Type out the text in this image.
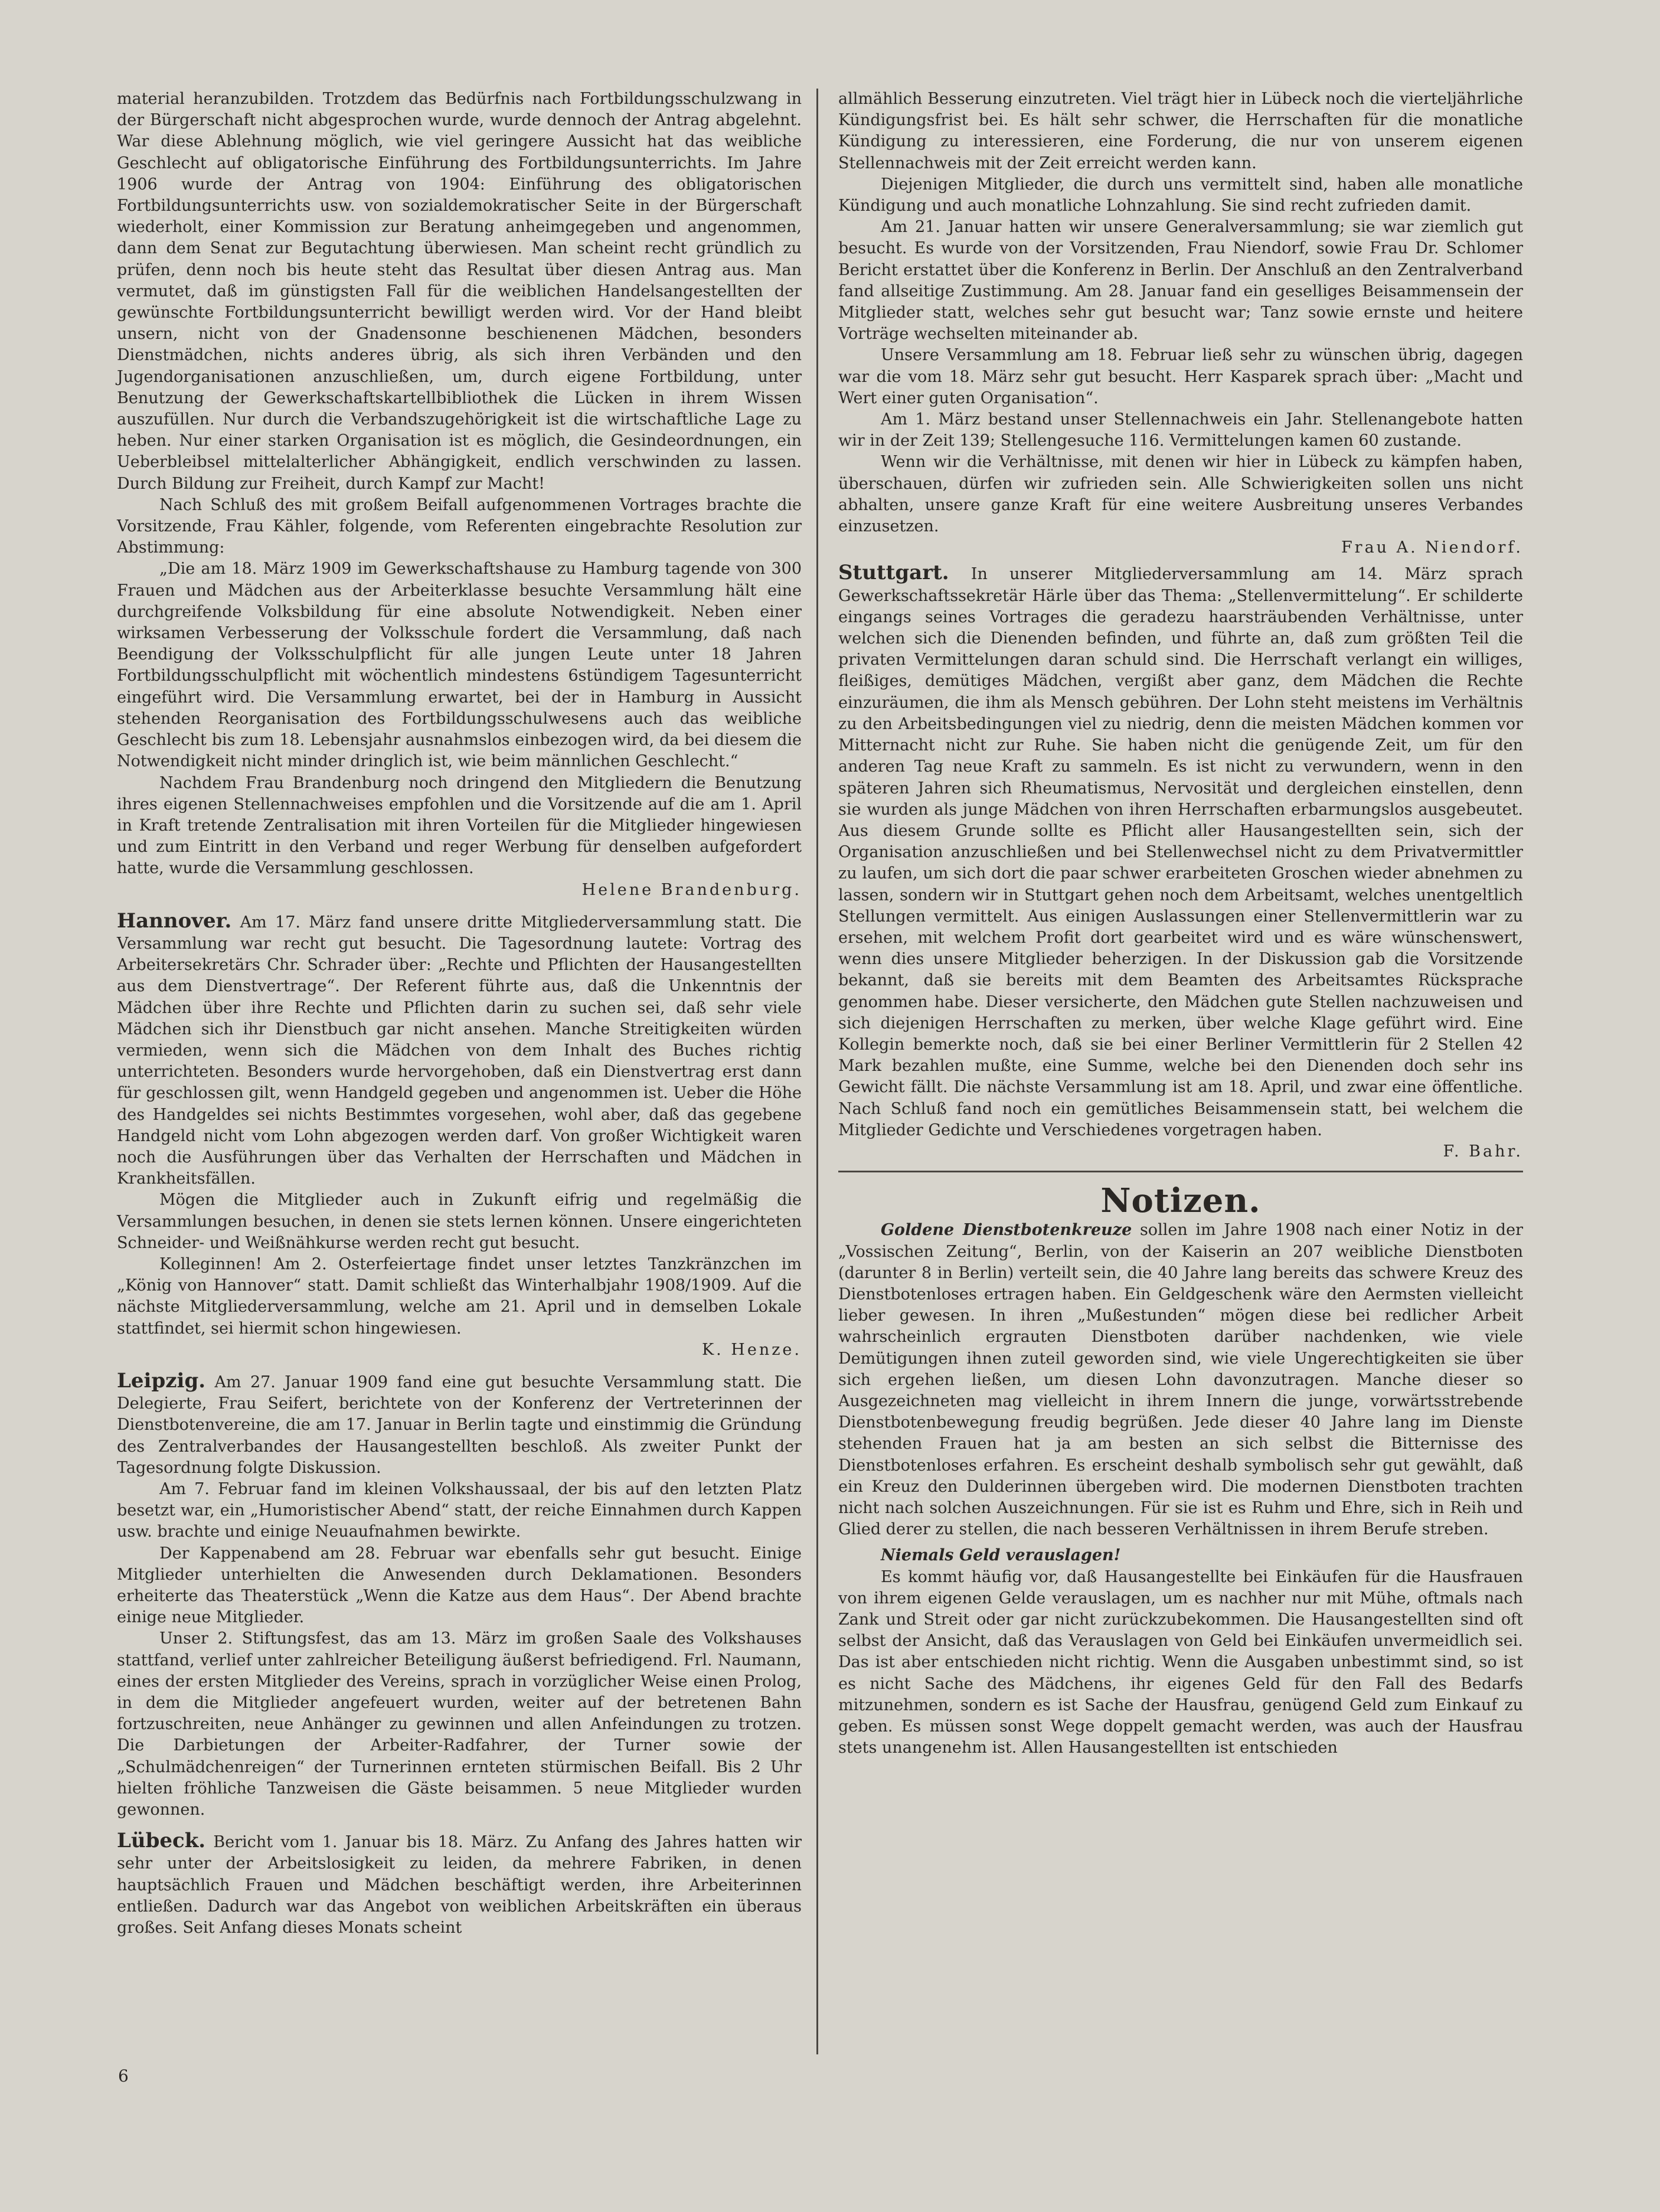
material heranzubilden. Trotzdem das Bedürfnis nach Fortbildungsschulzwang in der Bürgerschaft nicht abgesprochen wurde, wurde dennoch der Antrag abgelehnt. War diese Ablehnung möglich, wie viel geringere Aussicht hat das weibliche Geschlecht auf obligatorische Einführung des Fortbildungsunterrichts. Im Jahre 1906 wurde der Antrag von 1904: Einführung des obligatorischen Fortbildungsunterrichts usw. von sozialdemokratischer Seite in der Bürgerschaft wiederholt, einer Kommission zur Beratung anheimgegeben und angenommen, dann dem Senat zur Begutachtung überwiesen. Man scheint recht gründlich zu prüfen, denn noch bis heute steht das Resultat über diesen Antrag aus. Man vermutet, daß im günstigsten Fall für die weiblichen Handelsangestellten der gewünschte Fortbildungsunterricht bewilligt werden wird. Vor der Hand bleibt unsern, nicht von der Gnadensonne beschienenen Mädchen, besonders Dienstmädchen, nichts anderes übrig, als sich ihren Verbänden und den Jugendorganisationen anzuschließen, um, durch eigene Fortbildung, unter Benutzung der Gewerkschaftskartellbibliothek die Lücken in ihrem Wissen auszufüllen. Nur durch die Verbandszugehörigkeit ist die wirtschaftliche Lage zu heben. Nur einer starken Organisation ist es möglich, die Gesindeordnungen, ein Ueberbleibsel mittelalterlicher Abhängigkeit, endlich verschwinden zu lassen. Durch Bildung zur Freiheit, durch Kampf zur Macht!

Nach Schluß des mit großem Beifall aufgenommenen Vortrages brachte die Vorsitzende, Frau Kähler, folgende, vom Referenten eingebrachte Resolution zur Abstimmung:

„Die am 18. März 1909 im Gewerkschaftshause zu Hamburg tagende von 300 Frauen und Mädchen aus der Arbeiterklasse besuchte Versammlung hält eine durchgreifende Volksbildung für eine absolute Notwendigkeit. Neben einer wirksamen Verbesserung der Volksschule fordert die Versammlung, daß nach Beendigung der Volksschulpflicht für alle jungen Leute unter 18 Jahren Fortbildungsschulpflicht mit wöchentlich mindestens 6stündigem Tagesunterricht eingeführt wird. Die Versammlung erwartet, bei der in Hamburg in Aussicht stehenden Reorganisation des Fortbildungsschulwesens auch das weibliche Geschlecht bis zum 18. Lebensjahr ausnahmslos einbezogen wird, da bei diesem die Notwendigkeit nicht minder dringlich ist, wie beim männlichen Geschlecht.“

Nachdem Frau Brandenburg noch dringend den Mitgliedern die Benutzung ihres eigenen Stellennachweises empfohlen und die Vorsitzende auf die am 1. April in Kraft tretende Zentralisation mit ihren Vorteilen für die Mitglieder hingewiesen und zum Eintritt in den Verband und reger Werbung für denselben aufgefordert hatte, wurde die Versammlung geschlossen.

Helene Brandenburg.

Hannover. Am 17. März fand unsere dritte Mitgliederversammlung statt. Die Versammlung war recht gut besucht. Die Tagesordnung lautete: Vortrag des Arbeitersekretärs Chr. Schrader über: „Rechte und Pflichten der Hausangestellten aus dem Dienstvertrage“. Der Referent führte aus, daß die Unkenntnis der Mädchen über ihre Rechte und Pflichten darin zu suchen sei, daß sehr viele Mädchen sich ihr Dienstbuch gar nicht ansehen. Manche Streitigkeiten würden vermieden, wenn sich die Mädchen von dem Inhalt des Buches richtig unterrichteten. Besonders wurde hervorgehoben, daß ein Dienstvertrag erst dann für geschlossen gilt, wenn Handgeld gegeben und angenommen ist. Ueber die Höhe des Handgeldes sei nichts Bestimmtes vorgesehen, wohl aber, daß das gegebene Handgeld nicht vom Lohn abgezogen werden darf. Von großer Wichtigkeit waren noch die Ausführungen über das Verhalten der Herrschaften und Mädchen in Krankheitsfällen.

Mögen die Mitglieder auch in Zukunft eifrig und regelmäßig die Versammlungen besuchen, in denen sie stets lernen können. Unsere eingerichteten Schneider- und Weißnähkurse werden recht gut besucht.

Kolleginnen! Am 2. Osterfeiertage findet unser letztes Tanzkränzchen im „König von Hannover“ statt. Damit schließt das Winterhalbjahr 1908/1909. Auf die nächste Mitgliederversammlung, welche am 21. April und in demselben Lokale stattfindet, sei hiermit schon hingewiesen.

K. Henze.

Leipzig. Am 27. Januar 1909 fand eine gut besuchte Versammlung statt. Die Delegierte, Frau Seifert, berichtete von der Konferenz der Vertreterinnen der Dienstbotenvereine, die am 17. Januar in Berlin tagte und einstimmig die Gründung des Zentralverbandes der Hausangestellten beschloß. Als zweiter Punkt der Tagesordnung folgte Diskussion.

Am 7. Februar fand im kleinen Volkshaussaal, der bis auf den letzten Platz besetzt war, ein „Humoristischer Abend“ statt, der reiche Einnahmen durch Kappen usw. brachte und einige Neuaufnahmen bewirkte.

Der Kappenabend am 28. Februar war ebenfalls sehr gut besucht. Einige Mitglieder unterhielten die Anwesenden durch Deklamationen. Besonders erheiterte das Theaterstück „Wenn die Katze aus dem Haus“. Der Abend brachte einige neue Mitglieder.

Unser 2. Stiftungsfest, das am 13. März im großen Saale des Volkshauses stattfand, verlief unter zahlreicher Beteiligung äußerst befriedigend. Frl. Naumann, eines der ersten Mitglieder des Vereins, sprach in vorzüglicher Weise einen Prolog, in dem die Mitglieder angefeuert wurden, weiter auf der betretenen Bahn fortzuschreiten, neue Anhänger zu gewinnen und allen Anfeindungen zu trotzen. Die Darbietungen der Arbeiter-Radfahrer, der Turner sowie der „Schulmädchenreigen“ der Turnerinnen ernteten stürmischen Beifall. Bis 2 Uhr hielten fröhliche Tanzweisen die Gäste beisammen. 5 neue Mitglieder wurden gewonnen.

Lübeck. Bericht vom 1. Januar bis 18. März. Zu Anfang des Jahres hatten wir sehr unter der Arbeitslosigkeit zu leiden, da mehrere Fabriken, in denen hauptsächlich Frauen und Mädchen beschäftigt werden, ihre Arbeiterinnen entließen. Dadurch war das Angebot von weiblichen Arbeitskräften ein überaus großes. Seit Anfang dieses Monats scheint

allmählich Besserung einzutreten. Viel trägt hier in Lübeck noch die vierteljährliche Kündigungsfrist bei. Es hält sehr schwer, die Herrschaften für die monatliche Kündigung zu interessieren, eine Forderung, die nur von unserem eigenen Stellennachweis mit der Zeit erreicht werden kann.

Diejenigen Mitglieder, die durch uns vermittelt sind, haben alle monatliche Kündigung und auch monatliche Lohnzahlung. Sie sind recht zufrieden damit.

Am 21. Januar hatten wir unsere Generalversammlung; sie war ziemlich gut besucht. Es wurde von der Vorsitzenden, Frau Niendorf, sowie Frau Dr. Schlomer Bericht erstattet über die Konferenz in Berlin. Der Anschluß an den Zentralverband fand allseitige Zustimmung. Am 28. Januar fand ein geselliges Beisammensein der Mitglieder statt, welches sehr gut besucht war; Tanz sowie ernste und heitere Vorträge wechselten miteinander ab.

Unsere Versammlung am 18. Februar ließ sehr zu wünschen übrig, dagegen war die vom 18. März sehr gut besucht. Herr Kasparek sprach über: „Macht und Wert einer guten Organisation“.

Am 1. März bestand unser Stellennachweis ein Jahr. Stellenangebote hatten wir in der Zeit 139; Stellengesuche 116. Vermittelungen kamen 60 zustande.

Wenn wir die Verhältnisse, mit denen wir hier in Lübeck zu kämpfen haben, überschauen, dürfen wir zufrieden sein. Alle Schwierigkeiten sollen uns nicht abhalten, unsere ganze Kraft für eine weitere Ausbreitung unseres Verbandes einzusetzen.

Frau A. Niendorf.

Stuttgart. In unserer Mitgliederversammlung am 14. März sprach Gewerkschaftssekretär Härle über das Thema: „Stellenvermittelung“. Er schilderte eingangs seines Vortrages die geradezu haarsträubenden Verhältnisse, unter welchen sich die Dienenden befinden, und führte an, daß zum größten Teil die privaten Vermittelungen daran schuld sind. Die Herrschaft verlangt ein williges, fleißiges, demütiges Mädchen, vergißt aber ganz, dem Mädchen die Rechte einzuräumen, die ihm als Mensch gebühren. Der Lohn steht meistens im Verhältnis zu den Arbeitsbedingungen viel zu niedrig, denn die meisten Mädchen kommen vor Mitternacht nicht zur Ruhe. Sie haben nicht die genügende Zeit, um für den anderen Tag neue Kraft zu sammeln. Es ist nicht zu verwundern, wenn in den späteren Jahren sich Rheumatismus, Nervosität und dergleichen einstellen, denn sie wurden als junge Mädchen von ihren Herrschaften erbarmungslos ausgebeutet. Aus diesem Grunde sollte es Pflicht aller Hausangestellten sein, sich der Organisation anzuschließen und bei Stellenwechsel nicht zu dem Privatvermittler zu laufen, um sich dort die paar schwer erarbeiteten Groschen wieder abnehmen zu lassen, sondern wir in Stuttgart gehen noch dem Arbeitsamt, welches unentgeltlich Stellungen vermittelt. Aus einigen Auslassungen einer Stellenvermittlerin war zu ersehen, mit welchem Profit dort gearbeitet wird und es wäre wünschenswert, wenn dies unsere Mitglieder beherzigen. In der Diskussion gab die Vorsitzende bekannt, daß sie bereits mit dem Beamten des Arbeitsamtes Rücksprache genommen habe. Dieser versicherte, den Mädchen gute Stellen nachzuweisen und sich diejenigen Herrschaften zu merken, über welche Klage geführt wird. Eine Kollegin bemerkte noch, daß sie bei einer Berliner Vermittlerin für 2 Stellen 42 Mark bezahlen mußte, eine Summe, welche bei den Dienenden doch sehr ins Gewicht fällt. Die nächste Versammlung ist am 18. April, und zwar eine öffentliche. Nach Schluß fand noch ein gemütliches Beisammensein statt, bei welchem die Mitglieder Gedichte und Verschiedenes vorgetragen haben.

F. Bahr.
Notizen.

Goldene Dienstbotenkreuze sollen im Jahre 1908 nach einer Notiz in der „Vossischen Zeitung“, Berlin, von der Kaiserin an 207 weibliche Dienstboten (darunter 8 in Berlin) verteilt sein, die 40 Jahre lang bereits das schwere Kreuz des Dienstbotenloses ertragen haben. Ein Geldgeschenk wäre den Aermsten vielleicht lieber gewesen. In ihren „Mußestunden“ mögen diese bei redlicher Arbeit wahrscheinlich ergrauten Dienstboten darüber nachdenken, wie viele Demütigungen ihnen zuteil geworden sind, wie viele Ungerechtigkeiten sie über sich ergehen ließen, um diesen Lohn davonzutragen. Manche dieser so Ausgezeichneten mag vielleicht in ihrem Innern die junge, vorwärtsstrebende Dienstbotenbewegung freudig begrüßen. Jede dieser 40 Jahre lang im Dienste stehenden Frauen hat ja am besten an sich selbst die Bitternisse des Dienstbotenloses erfahren. Es erscheint deshalb symbolisch sehr gut gewählt, daß ein Kreuz den Dulderinnen übergeben wird. Die modernen Dienstboten trachten nicht nach solchen Auszeichnungen. Für sie ist es Ruhm und Ehre, sich in Reih und Glied derer zu stellen, die nach besseren Verhältnissen in ihrem Berufe streben.

Niemals Geld verauslagen!

Es kommt häufig vor, daß Hausangestellte bei Einkäufen für die Hausfrauen von ihrem eigenen Gelde verauslagen, um es nachher nur mit Mühe, oftmals nach Zank und Streit oder gar nicht zurückzubekommen. Die Hausangestellten sind oft selbst der Ansicht, daß das Verauslagen von Geld bei Einkäufen unvermeidlich sei. Das ist aber entschieden nicht richtig. Wenn die Ausgaben unbestimmt sind, so ist es nicht Sache des Mädchens, ihr eigenes Geld für den Fall des Bedarfs mitzunehmen, sondern es ist Sache der Hausfrau, genügend Geld zum Einkauf zu geben. Es müssen sonst Wege doppelt gemacht werden, was auch der Hausfrau stets unangenehm ist. Allen Hausangestellten ist entschieden

6
